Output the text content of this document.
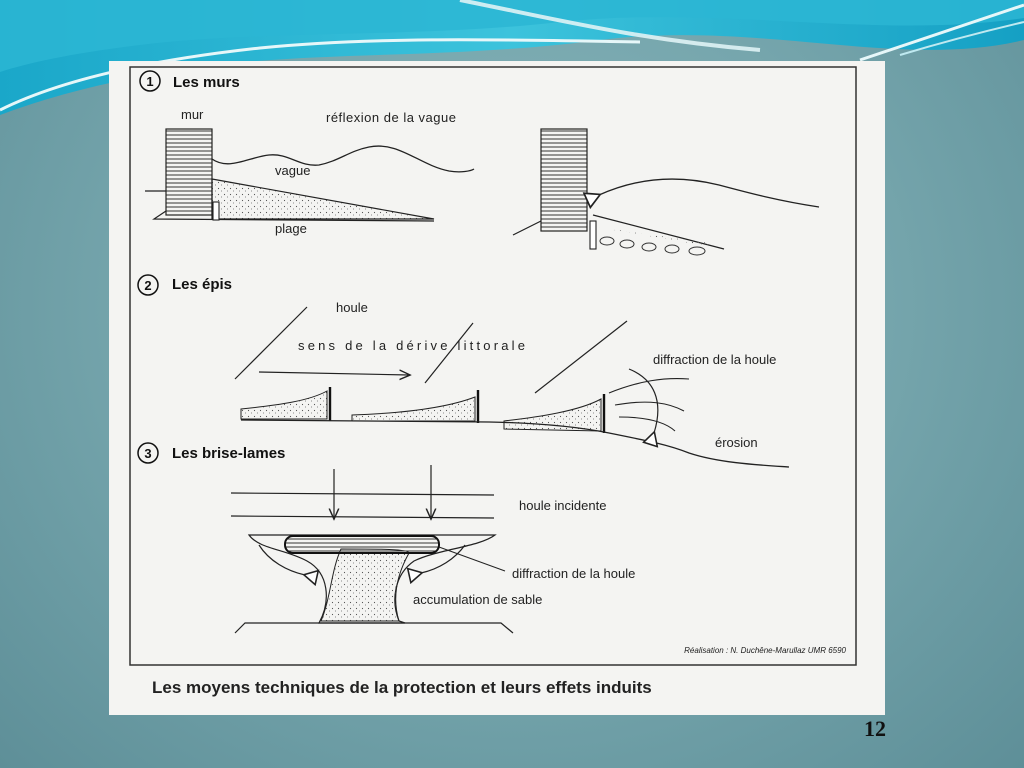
1 Les murs
mur	réflexion de la vague
vague
plage
2 Les épis
houle
sens de la dérive littorale
diffraction de la houle
érosion
3 Les brise-lames
houle incidente
diffraction de la houle
accumulation de sable
Réalisation : N. Duchêne-Marullaz UMR 6590
Les moyens techniques de la protection et leurs effets induits
12
